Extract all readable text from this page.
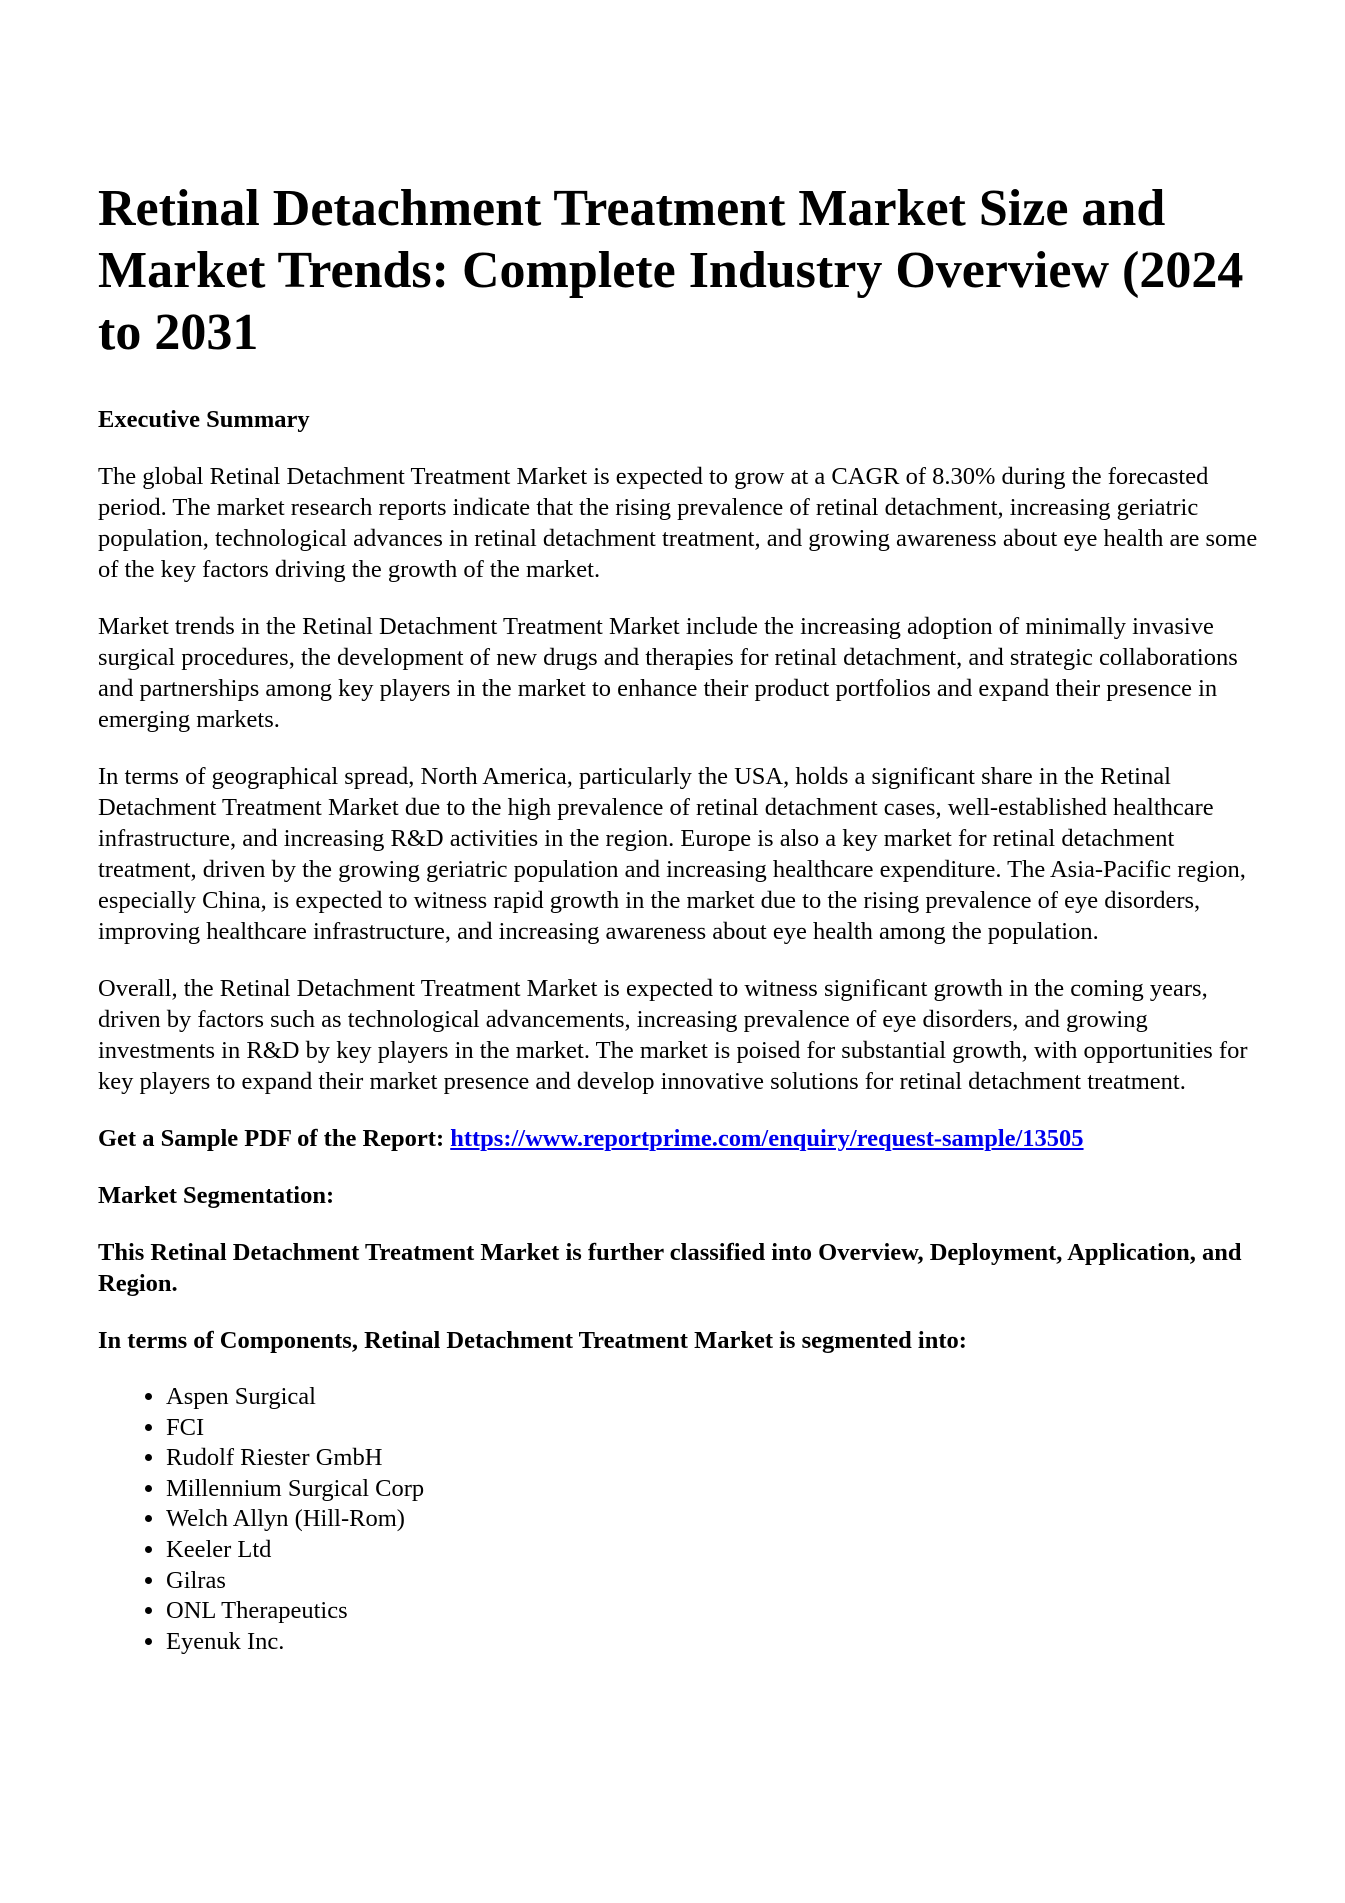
Retinal Detachment Treatment Market Size and Market Trends: Complete Industry Overview (2024 to 2031
Executive Summary
The global Retinal Detachment Treatment Market is expected to grow at a CAGR of 8.30% during the forecasted period. The market research reports indicate that the rising prevalence of retinal detachment, increasing geriatric population, technological advances in retinal detachment treatment, and growing awareness about eye health are some of the key factors driving the growth of the market.
Market trends in the Retinal Detachment Treatment Market include the increasing adoption of minimally invasive surgical procedures, the development of new drugs and therapies for retinal detachment, and strategic collaborations and partnerships among key players in the market to enhance their product portfolios and expand their presence in emerging markets.
In terms of geographical spread, North America, particularly the USA, holds a significant share in the Retinal Detachment Treatment Market due to the high prevalence of retinal detachment cases, well-established healthcare infrastructure, and increasing R&D activities in the region. Europe is also a key market for retinal detachment treatment, driven by the growing geriatric population and increasing healthcare expenditure. The Asia-Pacific region, especially China, is expected to witness rapid growth in the market due to the rising prevalence of eye disorders, improving healthcare infrastructure, and increasing awareness about eye health among the population.
Overall, the Retinal Detachment Treatment Market is expected to witness significant growth in the coming years, driven by factors such as technological advancements, increasing prevalence of eye disorders, and growing investments in R&D by key players in the market. The market is poised for substantial growth, with opportunities for key players to expand their market presence and develop innovative solutions for retinal detachment treatment.
Get a Sample PDF of the Report: https://www.reportprime.com/enquiry/request-sample/13505
Market Segmentation:
This Retinal Detachment Treatment Market is further classified into Overview, Deployment, Application, and Region.
In terms of Components, Retinal Detachment Treatment Market is segmented into:
• Aspen Surgical
• FCI
• Rudolf Riester GmbH
• Millennium Surgical Corp
• Welch Allyn (Hill-Rom)
• Keeler Ltd
• Gilras
• ONL Therapeutics
• Eyenuk Inc.
